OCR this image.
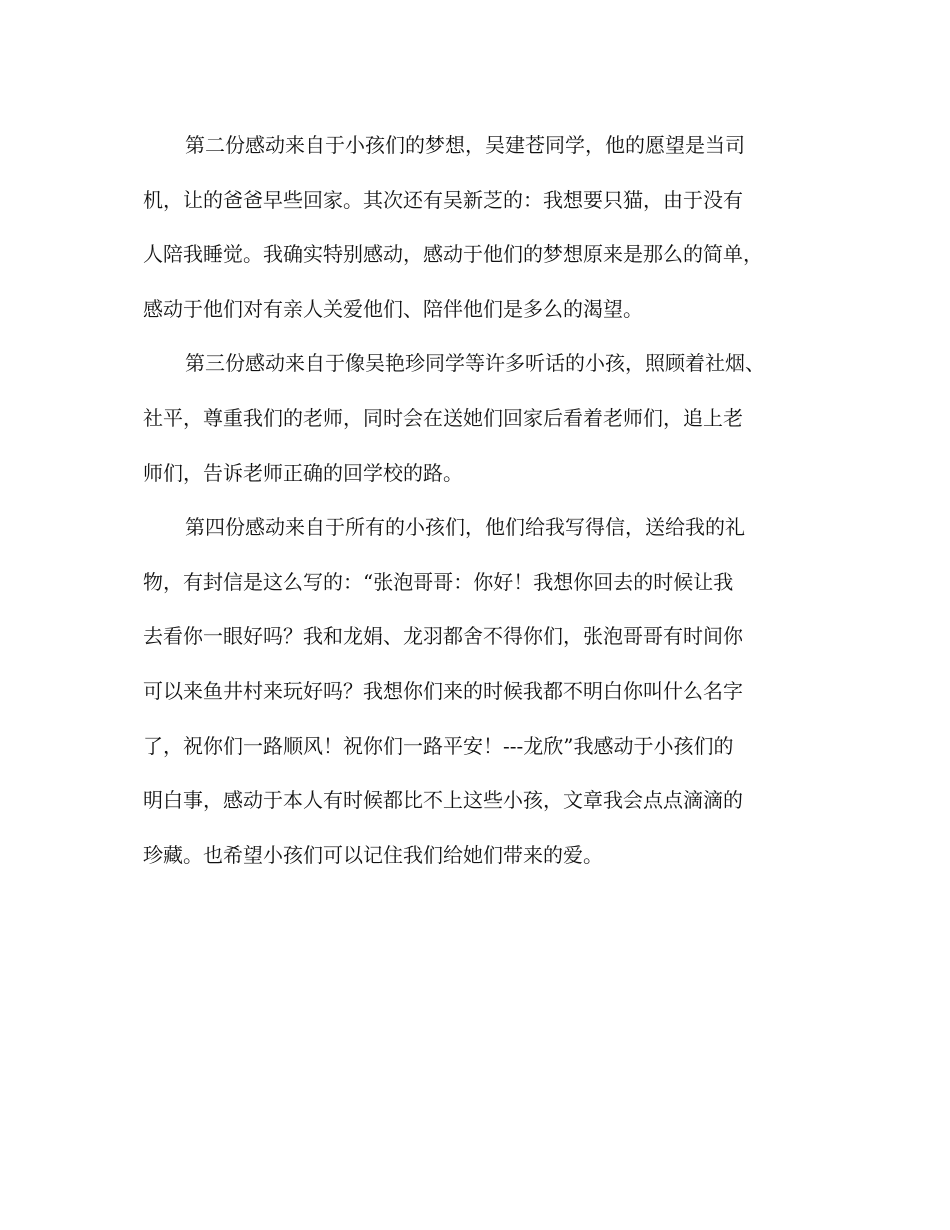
第二份感动来自于小孩们的梦想，吴建苍同学，他的愿望是当司
机，让的爸爸早些回家。其次还有吴新芝的：我想要只猫，由于没有
人陪我睡觉。我确实特别感动，感动于他们的梦想原来是那么的简单，
感动于他们对有亲人关爱他们、陪伴他们是多么的渴望。
第三份感动来自于像吴艳珍同学等许多听话的小孩，照顾着社烟、
社平，尊重我们的老师，同时会在送她们回家后看着老师们，追上老
师们，告诉老师正确的回学校的路。
第四份感动来自于所有的小孩们，他们给我写得信，送给我的礼
物，有封信是这么写的：“张泡哥哥：你好！我想你回去的时候让我
去看你一眼好吗？我和龙娟、龙羽都舍不得你们，张泡哥哥有时间你
可以来鱼井村来玩好吗？我想你们来的时候我都不明白你叫什么名字
了，祝你们一路顺风！祝你们一路平安！---龙欣”我感动于小孩们的
明白事，感动于本人有时候都比不上这些小孩，文章我会点点滴滴的
珍藏。也希望小孩们可以记住我们给她们带来的爱。
